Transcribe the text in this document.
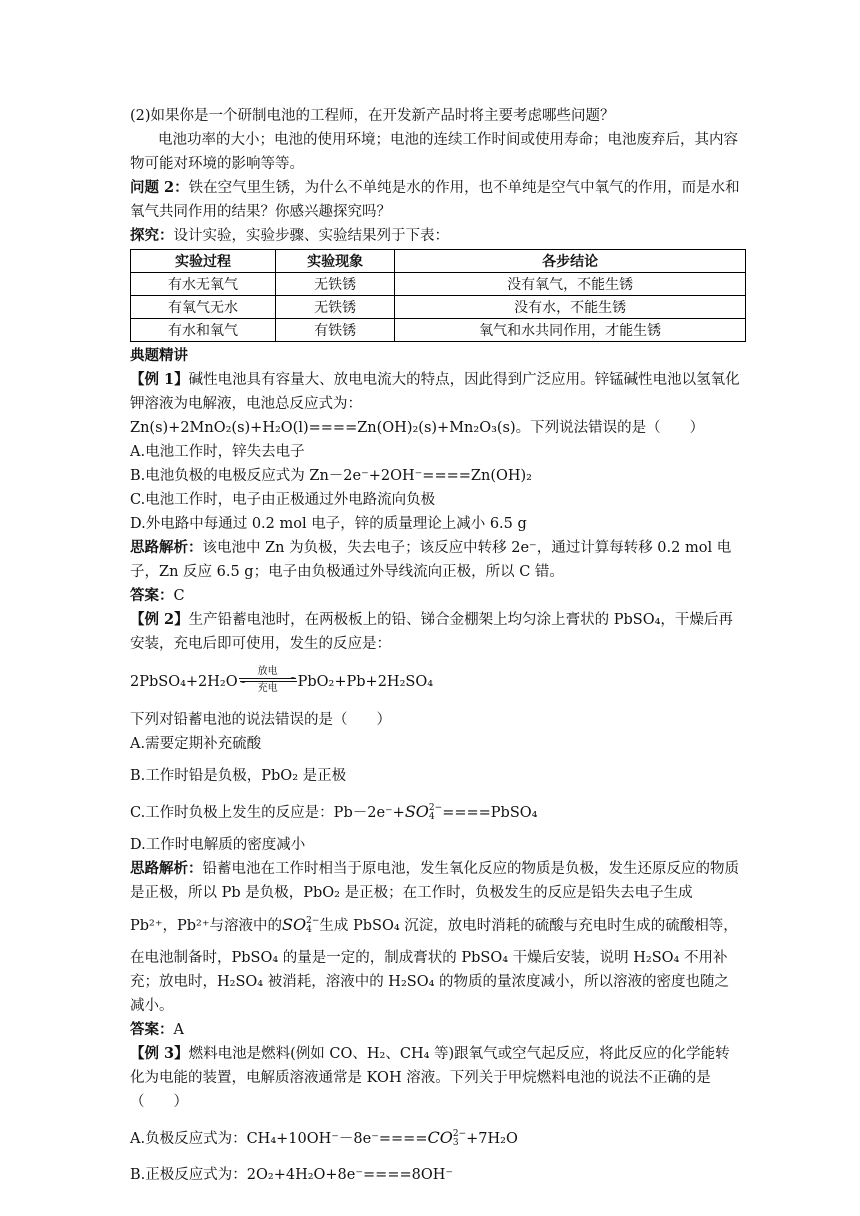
(2)如果你是一个研制电池的工程师，在开发新产品时将主要考虑哪些问题？

电池功率的大小；电池的使用环境；电池的连续工作时间或使用寿命；电池废弃后，其内容物可能对环境的影响等等。

问题 2：铁在空气里生锈，为什么不单纯是水的作用，也不单纯是空气中氧气的作用，而是水和氧气共同作用的结果？你感兴趣探究吗？

探究：设计实验，实验步骤、实验结果列于下表：

实验过程	实验现象	各步结论
有水无氧气	无铁锈	没有氧气，不能生锈
有氧气无水	无铁锈	没有水，不能生锈
有水和氧气	有铁锈	氧气和水共同作用，才能生锈

典题精讲

【例 1】碱性电池具有容量大、放电电流大的特点，因此得到广泛应用。锌锰碱性电池以氢氧化钾溶液为电解液，电池总反应式为：Zn(s)+2MnO₂(s)+H₂O(l)====Zn(OH)₂(s)+Mn₂O₃(s)。下列说法错误的是（　　）

A.电池工作时，锌失去电子

B.电池负极的电极反应式为 Zn－2e⁻+2OH⁻====Zn(OH)₂

C.电池工作时，电子由正极通过外电路流向负极

D.外电路中每通过 0.2 mol 电子，锌的质量理论上减小 6.5 g

思路解析：该电池中 Zn 为负极，失去电子；该反应中转移 2e⁻，通过计算每转移 0.2 mol 电子，Zn 反应 6.5 g；电子由负极通过外导线流向正极，所以 C 错。

答案：C

【例 2】生产铅蓄电池时，在两极板上的铅、锑合金棚架上均匀涂上膏状的 PbSO₄，干燥后再安装，充电后即可使用，发生的反应是：

2PbSO₄+2H₂O
放电
充电 PbO₂+Pb+2H₂SO₄

下列对铅蓄电池的说法错误的是（　　）

A.需要定期补充硫酸

B.工作时铅是负极，PbO₂ 是正极

C.工作时负极上发生的反应是：Pb－2e⁻+SO 2−
4 ====PbSO₄

D.工作时电解质的密度减小

思路解析：铅蓄电池在工作时相当于原电池，发生氧化反应的物质是负极，发生还原反应的物质是正极，所以 Pb 是负极，PbO₂ 是正极；在工作时，负极发生的反应是铅失去电子生成

Pb²⁺，Pb²⁺与溶液中的SO 2−
4 生成 PbSO₄ 沉淀，放电时消耗的硫酸与充电时生成的硫酸相等，

在电池制备时，PbSO₄ 的量是一定的，制成膏状的 PbSO₄ 干燥后安装，说明 H₂SO₄ 不用补充；放电时，H₂SO₄ 被消耗，溶液中的 H₂SO₄ 的物质的量浓度减小，所以溶液的密度也随之减小。

答案：A

【例 3】燃料电池是燃料(例如 CO、H₂、CH₄ 等)跟氧气或空气起反应，将此反应的化学能转化为电能的装置，电解质溶液通常是 KOH 溶液。下列关于甲烷燃料电池的说法不正确的是（　　）

A.负极反应式为：CH₄+10OH⁻－8e⁻====CO 2−
3 +7H₂O

B.正极反应式为：2O₂+4H₂O+8e⁻====8OH⁻
